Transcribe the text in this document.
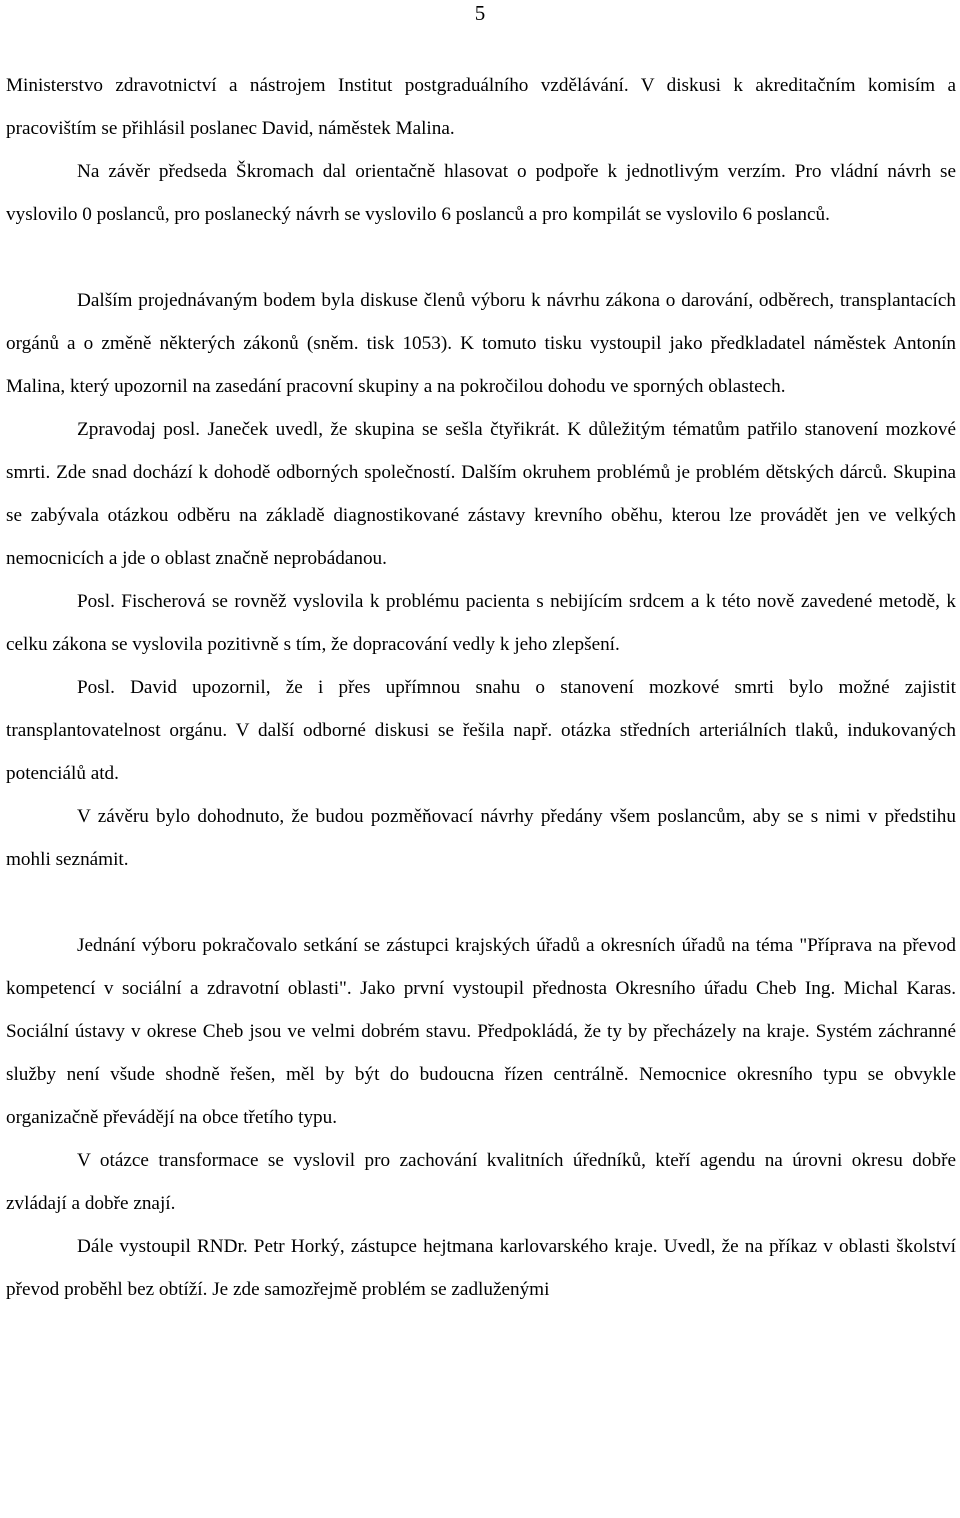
5

Ministerstvo zdravotnictví a nástrojem Institut postgraduálního vzdělávání. V diskusi k akreditačním komisím a pracovištím se přihlásil poslanec David, náměstek Malina.

Na závěr předseda Škromach dal orientačně hlasovat o podpoře k jednotlivým verzím. Pro vládní návrh se vyslovilo 0 poslanců, pro poslanecký návrh se vyslovilo 6 poslanců a pro kompilát se vyslovilo 6 poslanců.

Dalším projednávaným bodem byla diskuse členů výboru k návrhu zákona o darování, odběrech, transplantacích orgánů a o změně některých zákonů (sněm. tisk 1053). K tomuto tisku vystoupil jako předkladatel náměstek Antonín Malina, který upozornil na zasedání pracovní skupiny a na pokročilou dohodu ve sporných oblastech.

Zpravodaj posl. Janeček uvedl, že skupina se sešla čtyřikrát. K důležitým tématům patřilo stanovení mozkové smrti. Zde snad dochází k dohodě odborných společností. Dalším okruhem problémů je problém dětských dárců. Skupina se zabývala otázkou odběru na základě diagnostikované zástavy krevního oběhu, kterou lze provádět jen ve velkých nemocnicích a jde o oblast značně neprobádanou.

Posl. Fischerová se rovněž vyslovila k problému pacienta s nebijícím srdcem a k této nově zavedené metodě, k celku zákona se vyslovila pozitivně s tím, že dopracování vedly k jeho zlepšení.

Posl. David upozornil, že i přes upřímnou snahu o stanovení mozkové smrti bylo možné zajistit transplantovatelnost orgánu. V další odborné diskusi se řešila např. otázka středních arteriálních tlaků, indukovaných potenciálů atd.

V závěru bylo dohodnuto, že budou pozměňovací návrhy předány všem poslancům, aby se s nimi v předstihu mohli seznámit.

Jednání výboru pokračovalo setkání se zástupci krajských úřadů a okresních úřadů na téma "Příprava na převod kompetencí v sociální a zdravotní oblasti". Jako první vystoupil přednosta Okresního úřadu Cheb Ing. Michal Karas. Sociální ústavy v okrese Cheb jsou ve velmi dobrém stavu. Předpokládá, že ty by přecházely na kraje. Systém záchranné služby není všude shodně řešen, měl by být do budoucna řízen centrálně. Nemocnice okresního typu se obvykle organizačně převádějí na obce třetího typu.

V otázce transformace se vyslovil pro zachování kvalitních úředníků, kteří agendu na úrovni okresu dobře zvládají a dobře znají.

Dále vystoupil RNDr. Petr Horký, zástupce hejtmana karlovarského kraje. Uvedl, že na příkaz v oblasti školství převod proběhl bez obtíží. Je zde samozřejmě problém se zadluženými
